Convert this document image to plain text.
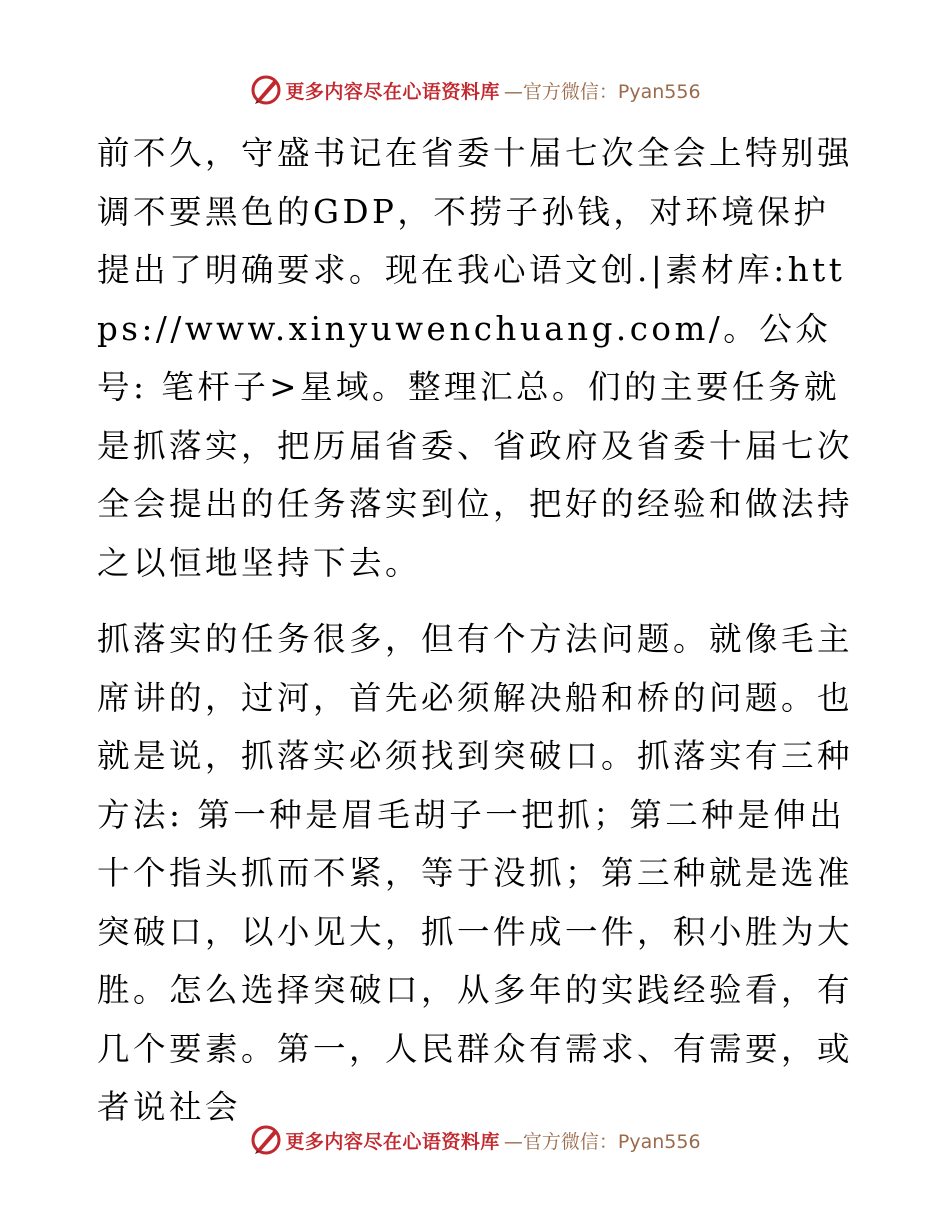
更多内容尽在心语资料库 —官方微信：Pyan556

前不久，守盛书记在省委十届七次全会上特别强调不要黑色的GDP，不捞子孙钱，对环境保护提出了明确要求。现在我心语文创.|素材库:https://www.xinyuwenchuang.com/。公众号: 笔杆子>星域。整理汇总。们的主要任务就是抓落实，把历届省委、省政府及省委十届七次全会提出的任务落实到位，把好的经验和做法持之以恒地坚持下去。

抓落实的任务很多，但有个方法问题。就像毛主席讲的，过河，首先必须解决船和桥的问题。也就是说，抓落实必须找到突破口。抓落实有三种方法: 第一种是眉毛胡子一把抓；第二种是伸出十个指头抓而不紧，等于没抓；第三种就是选准突破口，以小见大，抓一件成一件，积小胜为大胜。怎么选择突破口，从多年的实践经验看，有几个要素。第一，人民群众有需求、有需要，或者说社会

更多内容尽在心语资料库 —官方微信：Pyan556
